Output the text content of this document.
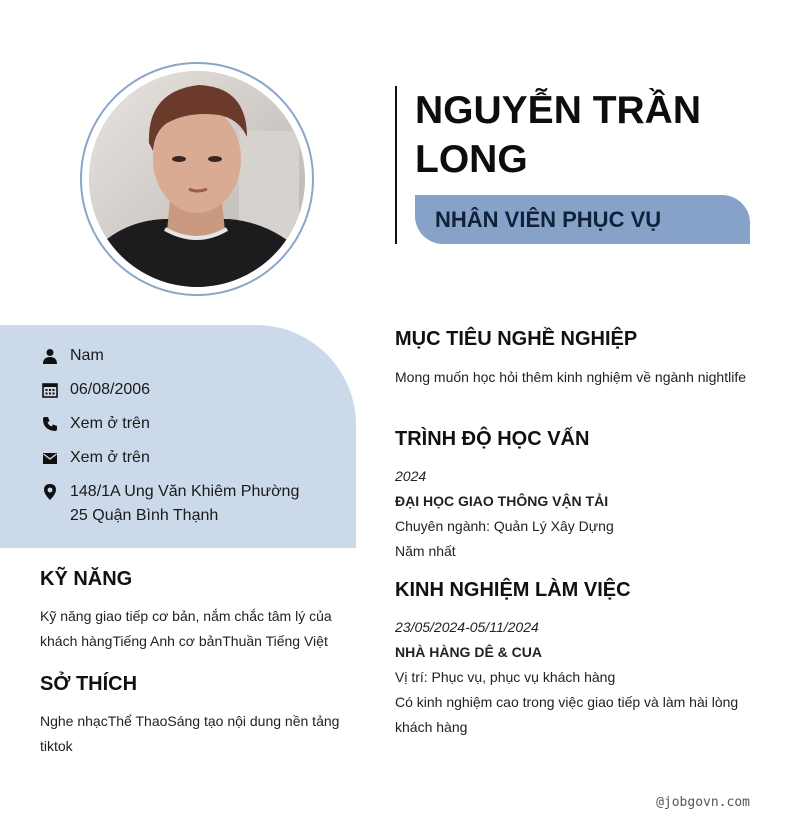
NGUYỄN TRẦN LONG
NHÂN VIÊN PHỤC VỤ
Nam
06/08/2006
Xem ở trên
Xem ở trên
148/1A Ung Văn Khiêm Phường
25 Quận Bình Thạnh
KỸ NĂNG
Kỹ năng giao tiếp cơ bản, nắm chắc tâm lý của
khách hàngTiếng Anh cơ bảnThuần Tiếng Việt
SỞ THÍCH
Nghe nhạcThể ThaoSáng tạo nội dung nền tảng
tiktok
MỤC TIÊU NGHỀ NGHIỆP
Mong muốn học hỏi thêm kinh nghiệm về ngành nightlife
TRÌNH ĐỘ HỌC VẤN
2024
ĐẠI HỌC GIAO THÔNG VẬN TẢI
Chuyên ngành: Quản Lý Xây Dựng
Năm nhất
KINH NGHIỆM LÀM VIỆC
23/05/2024-05/11/2024
NHÀ HÀNG DÊ & CUA
Vị trí: Phục vụ, phục vụ khách hàng
Có kinh nghiệm cao trong việc giao tiếp và làm hài lòng
khách hàng
@jobgovn.com
